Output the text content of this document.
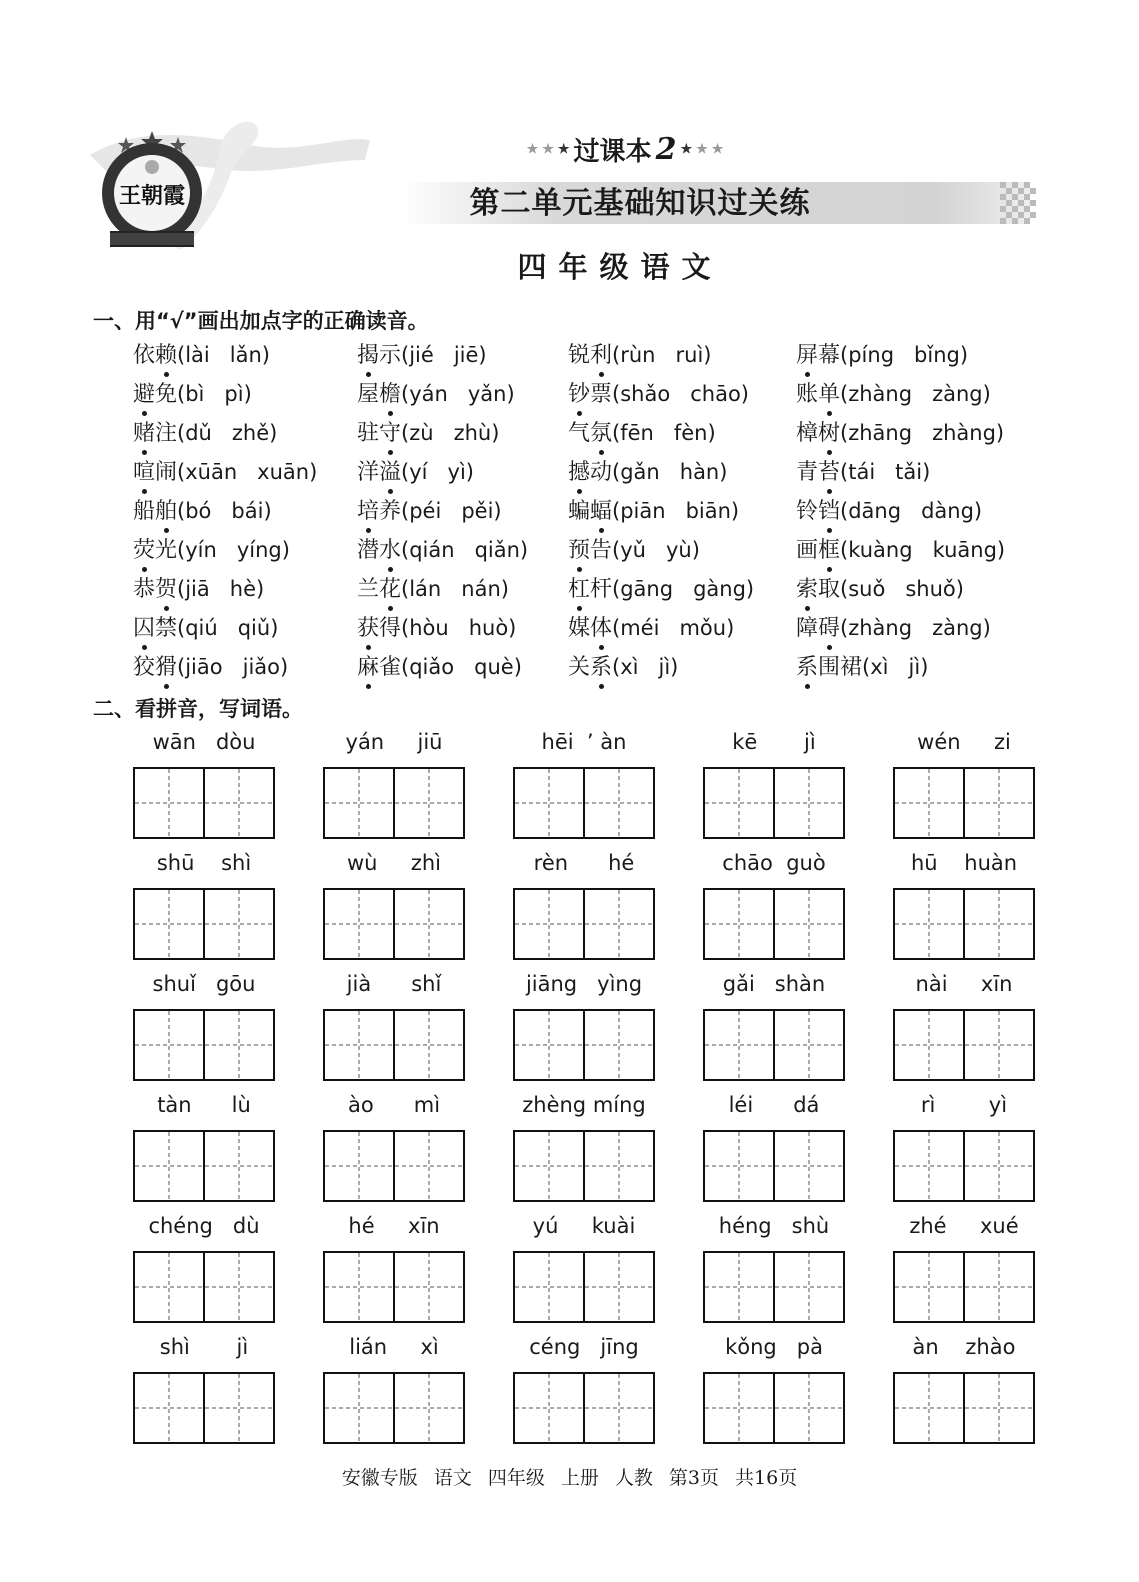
王朝霞
★ ★ ★ 过课本 2 ★ ★ ★
第二单元基础知识过关练
四年级语文
一、用“√”画出加点字的正确读音。
依赖(lài   lǎn)	揭示(jié   jiē)	锐利(rùn   ruì)	屏幕(píng   bǐng)
避免(bì   pì)	屋檐(yán   yǎn) 钞票(shǎo   chāo) 账单(zhàng   zàng)
赌注(dǔ   zhě)	驻守(zù   zhù)	气氛(fēn   fèn)	樟树(zhāng   zhàng)
喧闹(xūān   xuān) 洋溢(yí   yì)	撼动(gǎn   hàn)	青苔(tái   tǎi)
船舶(bó   bái)	培养(péi   pěi)	蝙蝠(piān   biān)	铃铛(dāng   dàng)
荧光(yín   yíng)	潜水(qián   qiǎn) 预告(yǔ   yù)	画框(kuàng   kuāng)
恭贺(jiā   hè)	兰花(lán   nán)	杠杆(gāng   gàng) 索取(suǒ   shuǒ)
囚禁(qiú   qiǔ)	获得(hòu   huò) 媒体(méi   mǒu)	障碍(zhàng   zàng)
狡猾(jiāo   jiǎo)	麻雀(qiǎo   què) 关系(xì   jì)	系围裙(xì   jì)
二、看拼音，写词语。
wān   dòu	yán     jiū	hēi  ’ àn	kē       jì	wén     zi
shū    shì	wù     zhì	rèn      hé	chāo  guò	hū    huàn
shuǐ   gōu	jià      shǐ	jiāng   yìng	gǎi   shàn	nài     xīn
tàn      lù	ào      mì	zhèng míng	léi      dá	rì        yì
chéng   dù	hé     xīn	yú     kuài	héng   shù	zhé     xué
shì       jì	lián     xì	céng   jīng	kǒng   pà	àn    zhào
安徽专版 语文 四年级 上册 人教 第3页 共16页
